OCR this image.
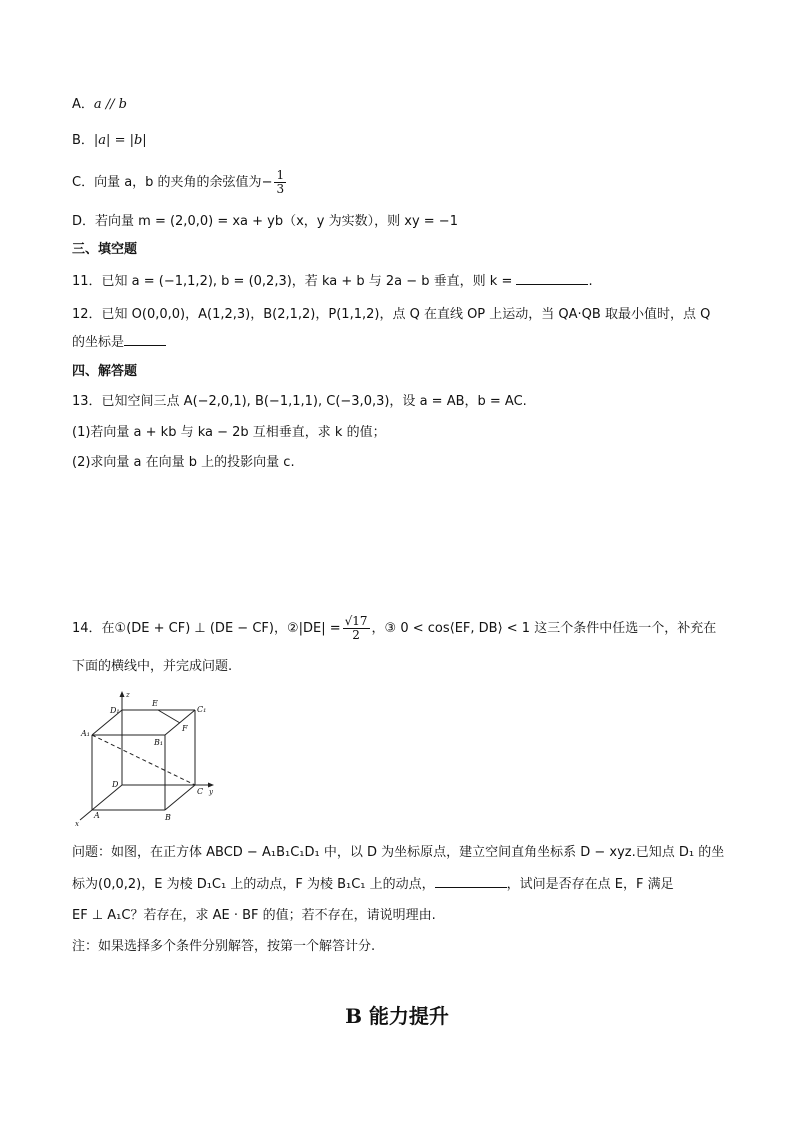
A．a // b
B．|a| = |b|
C．向量 a，b 的夹角的余弦值为− $\frac{1}{3}$
D．若向量 m = (2,0,0) = xa + yb（x，y 为实数），则 xy = −1
三、填空题
11．已知 a = (−1,1,2), b = (0,2,3)，若 ka + b 与 2a − b 垂直，则 k =	.
12．已知 O(0,0,0)，A(1,2,3)，B(2,1,2)，P(1,1,2)，点 Q 在直线 OP 上运动，当 QA·QB 取最小值时，点 Q
的坐标是
四、解答题
13．已知空间三点 A(−2,0,1), B(−1,1,1), C(−3,0,3)，设 a = AB，b = AC.
(1)若向量 a + kb 与 ka − 2b 互相垂直，求 k 的值；
(2)求向量 a 在向量 b 上的投影向量 c.
14．在①(DE + CF) ⊥ (DE − CF)，②|DE| = $\frac{√17}{2}$ ，③ 0 < cos⟨EF, DB⟩ < 1 这三个条件中任选一个，补充在
下面的横线中，并完成问题.
D₁
E
C₁
A₁
B₁
F
D
C
A	B
z
y
x
问题：如图，在正方体 ABCD − A₁B₁C₁D₁ 中，以 D 为坐标原点，建立空间直角坐标系 D − xyz.已知点 D₁ 的坐
标为(0,0,2)，E 为棱 D₁C₁ 上的动点，F 为棱 B₁C₁ 上的动点，	，试问是否存在点 E，F 满足
EF ⊥ A₁C？若存在，求 AE · BF 的值；若不存在，请说明理由.
注：如果选择多个条件分别解答，按第一个解答计分.
B 能力提升
